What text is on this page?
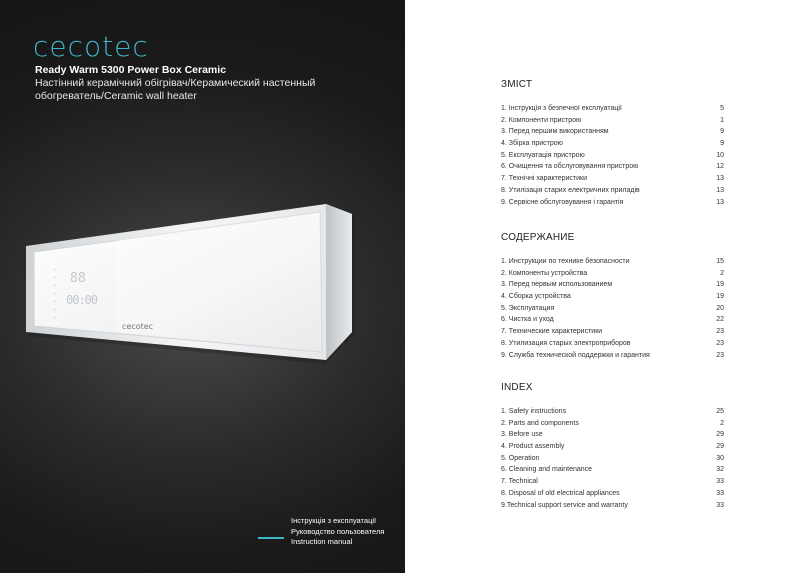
cecotec
Ready Warm 5300 Power Box Ceramic
Настінний керамічний обігрівач/Керамический настенный
обогреватель/Ceramic wall heater
88
00:00
▪
▪
▪
▪
▪
▪
▪
cecotec
Інструкція з експлуатації
Руководство пользователя
Instruction manual
ЗМІСТ
1. Інструкція з безпечної експлуатації	5
2. Компоненти пристрою	1
3. Перед першим використанням	9
4. Збірка пристрою	9
5. Експлуатація пристрою	10
6. Очищення та обслуговування пристрою	12
7. Технічні характеристики	13
8. Утилізація старих електричних приладів	13
9. Сервісне обслуговування і гарантія	13
СОДЕРЖАНИЕ
1. Инструкции по технике безопасности	15
2. Компоненты устройства	2
3. Перед первым использованием	19
4. Сборка устройства	19
5. Эксплуатация	20
6. Чистка и уход	22
7. Технические характеристики	23
8. Утилизация старых электроприборов	23
9. Служба технической поддержки и гарантия	23
INDEX
1. Safety instructions	25
2. Parts and components	2
3. Before use	29
4. Product assembly	29
5. Operation	30
6. Cleaning and maintenance	32
7. Technical	33
8. Disposal of old electrical appliances	33
9.Technical support service and warranty	33
